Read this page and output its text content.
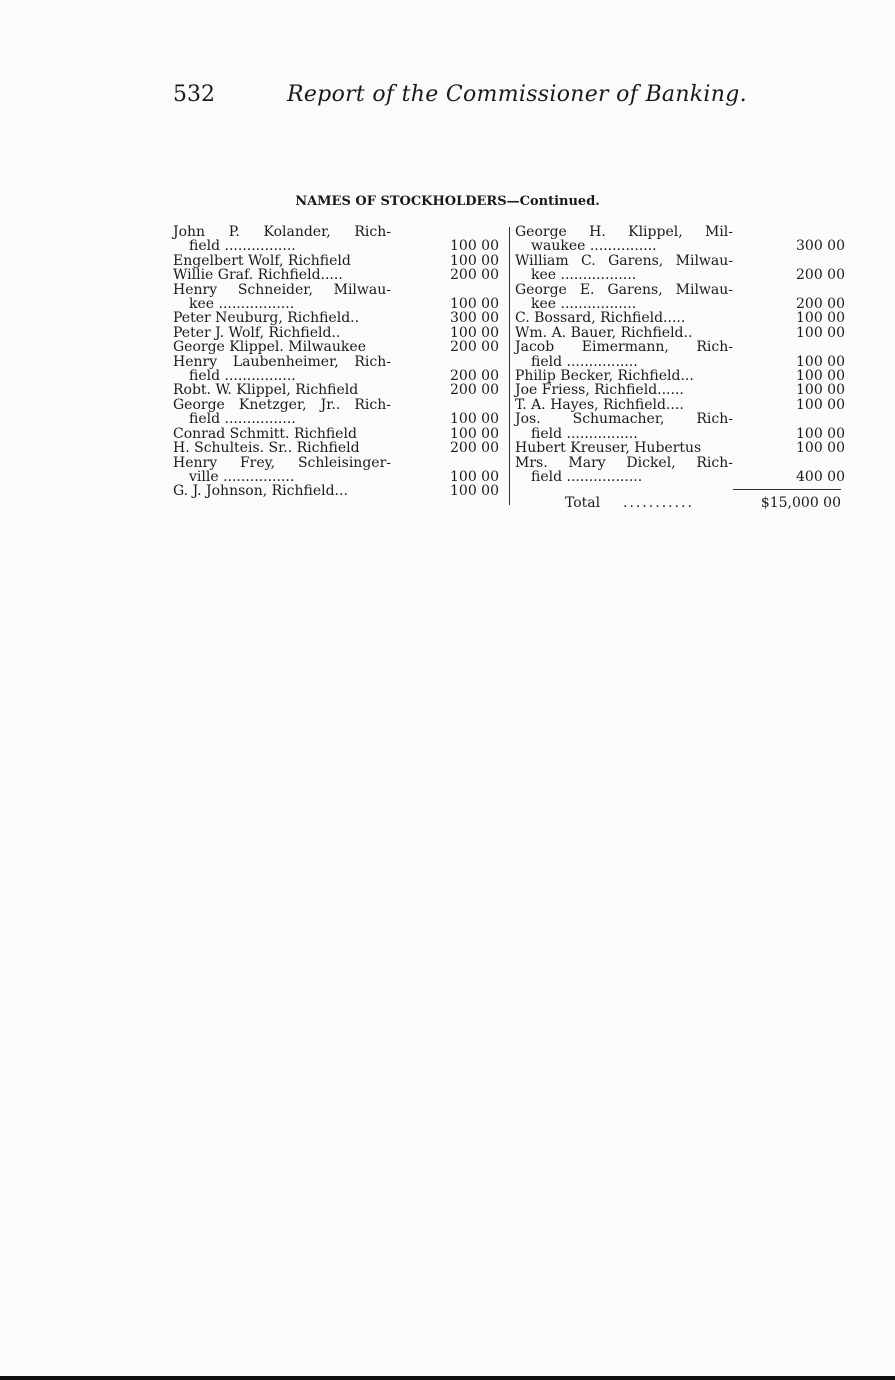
532	Report of the Commissioner of Banking.
NAMES OF STOCKHOLDERS—Continued.
John P. Kolander, Rich-
field ................	100 00
Engelbert Wolf, Richfield	100 00
Willie Graf. Richfield.....	200 00
Henry Schneider, Milwau-
kee .................	100 00
Peter Neuburg, Richfield..	300 00
Peter J. Wolf, Richfield..	100 00
George Klippel. Milwaukee	200 00
Henry Laubenheimer, Rich-
field ................	200 00
Robt. W. Klippel, Richfield	200 00
George Knetzger, Jr.. Rich-
field ................	100 00
Conrad Schmitt. Richfield	100 00
H. Schulteis. Sr.. Richfield	200 00
Henry Frey, Schleisinger-
ville ................	100 00
G. J. Johnson, Richfield...	100 00
George H. Klippel, Mil-
waukee ...............	300 00
William C. Garens, Milwau-
kee .................	200 00
George E. Garens, Milwau-
kee .................	200 00
C. Bossard, Richfield.....	100 00
Wm. A. Bauer, Richfield..	100 00
Jacob Eimermann, Rich-
field ................	100 00
Philip Becker, Richfield...	100 00
Joe Friess, Richfield......	100 00
T. A. Hayes, Richfield....	100 00
Jos. Schumacher, Rich-
field ................	100 00
Hubert Kreuser, Hubertus	100 00
Mrs. Mary Dickel, Rich-
field .................	400 00
Total ...........	$15,000 00
